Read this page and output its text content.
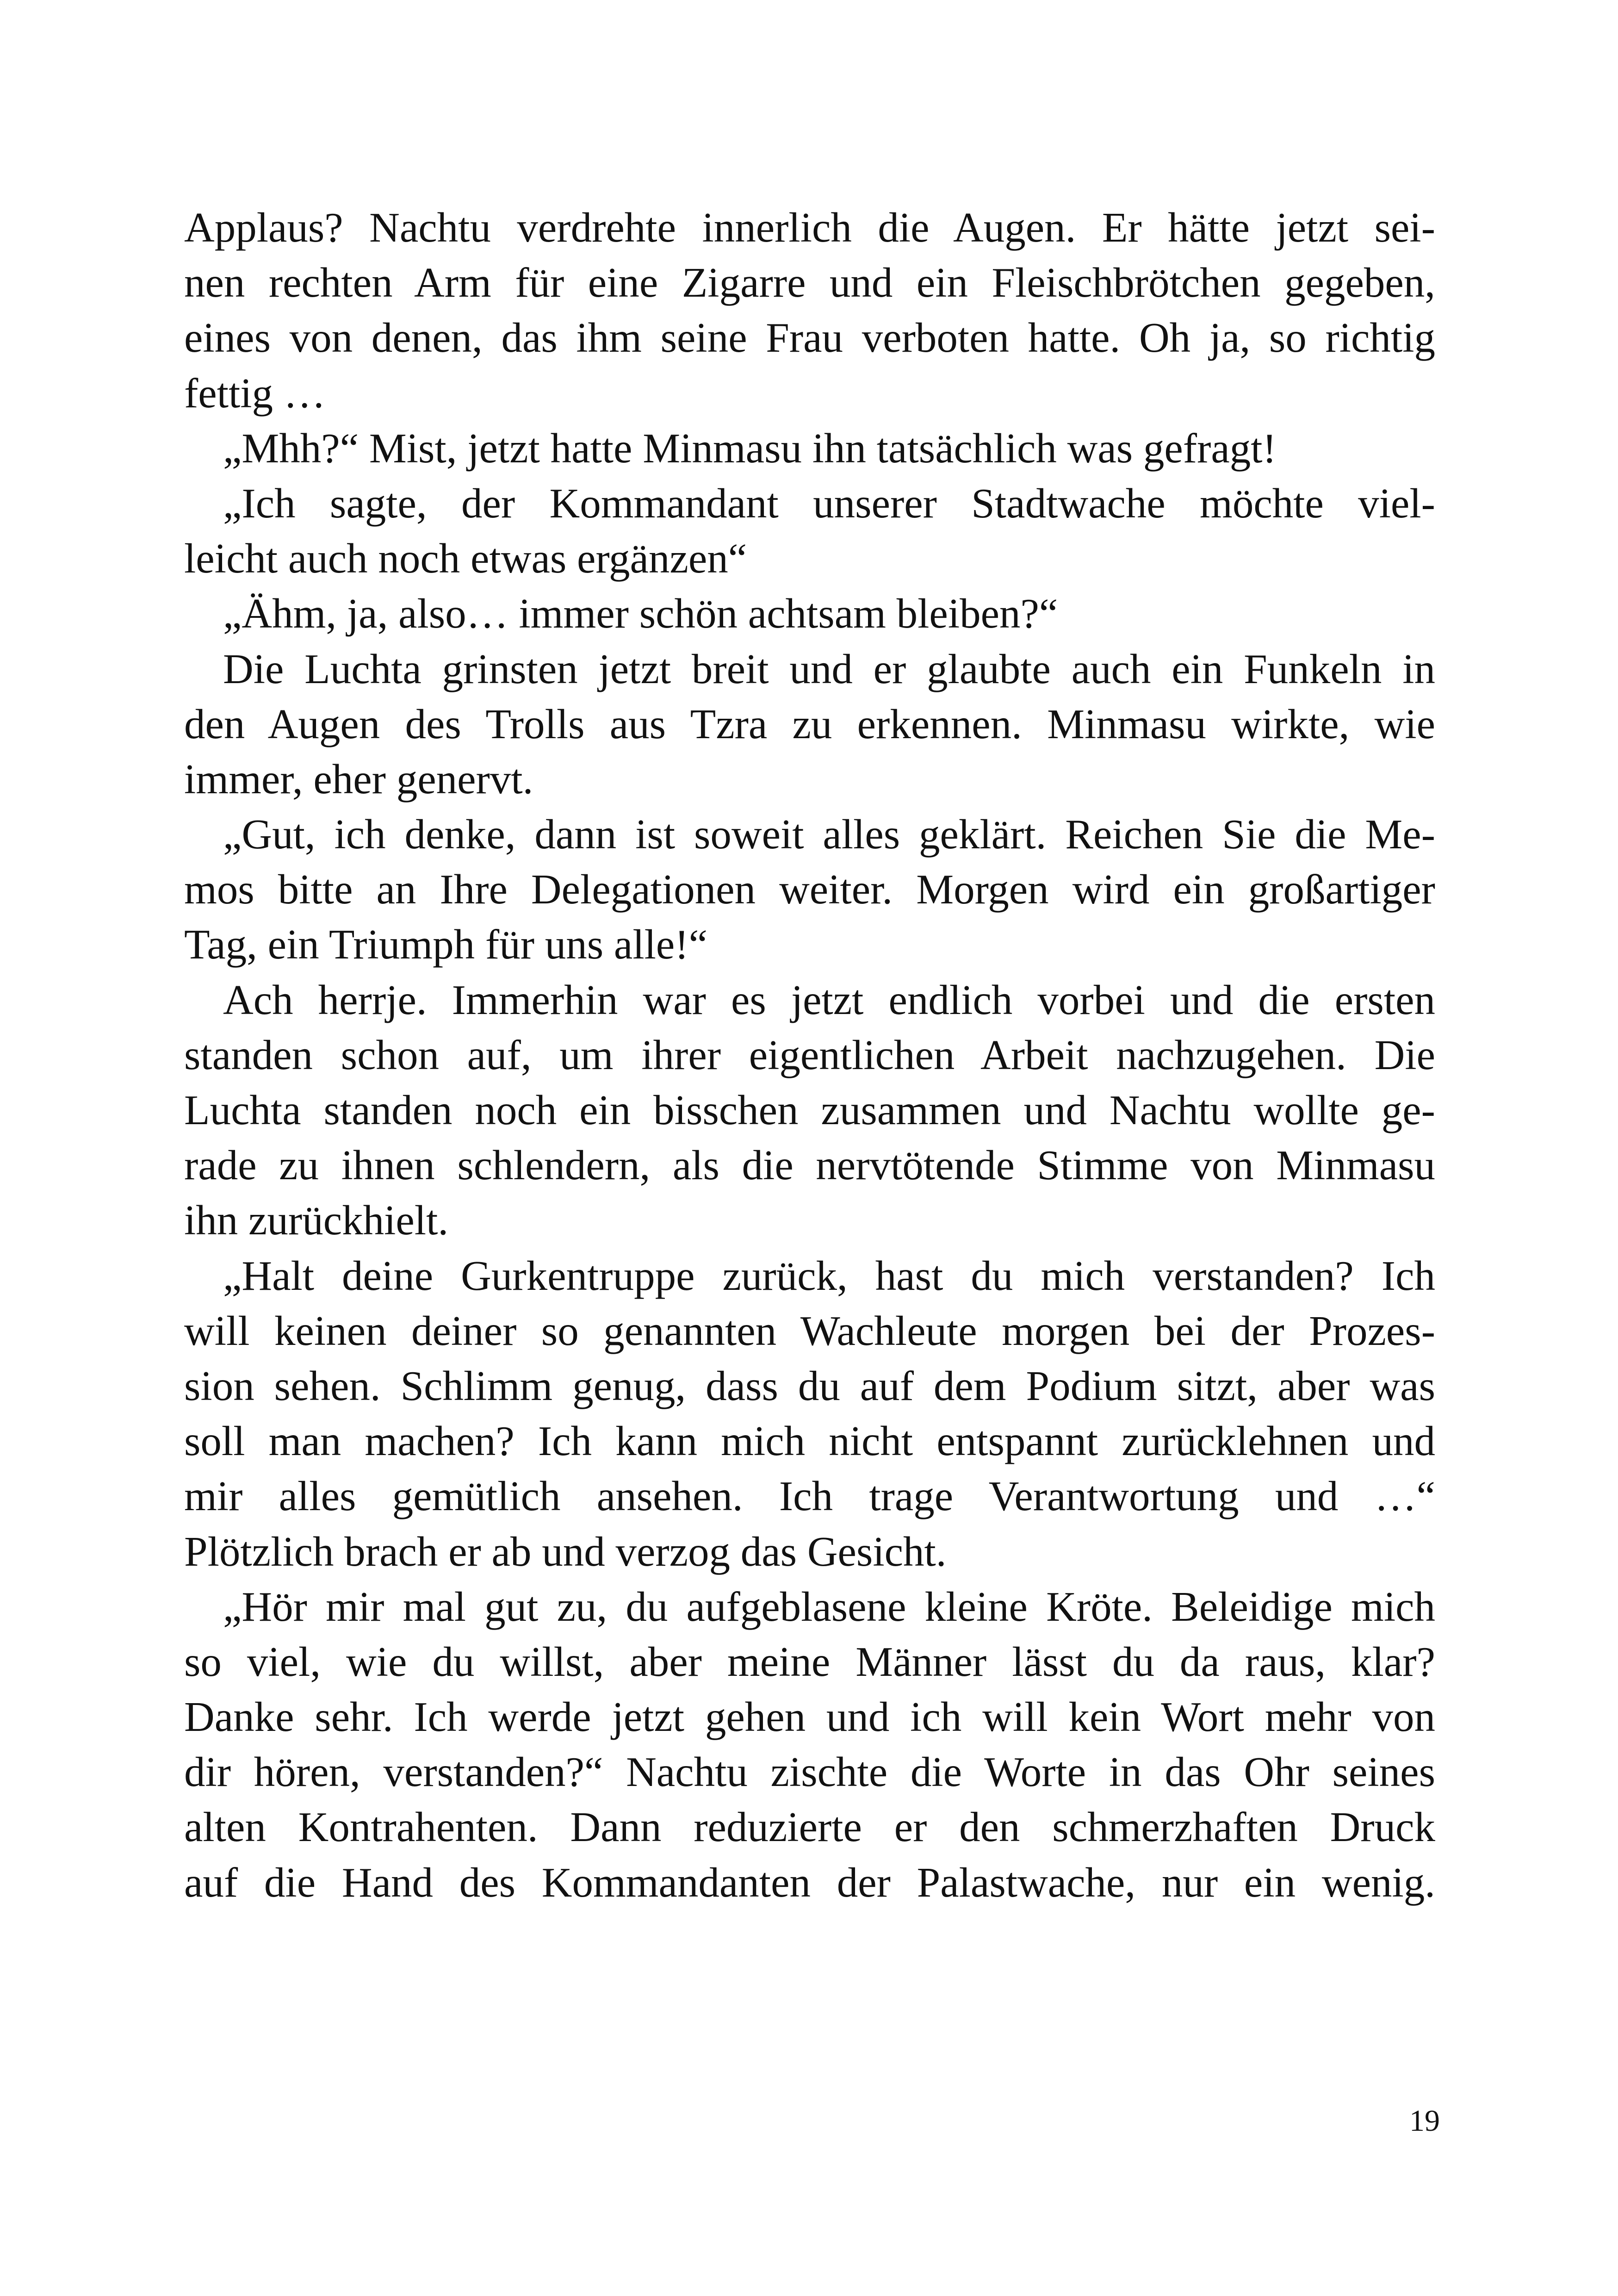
Applaus? Nachtu verdrehte innerlich die Augen. Er hätte jetzt sei-
nen rechten Arm für eine Zigarre und ein Fleischbrötchen gegeben,
eines von denen, das ihm seine Frau verboten hatte. Oh ja, so richtig
fettig …
„Mhh?“ Mist, jetzt hatte Minmasu ihn tatsächlich was gefragt!
„Ich sagte, der Kommandant unserer Stadtwache möchte viel-
leicht auch noch etwas ergänzen“
„Ähm, ja, also… immer schön achtsam bleiben?“
Die Luchta grinsten jetzt breit und er glaubte auch ein Funkeln in
den Augen des Trolls aus Tzra zu erkennen. Minmasu wirkte, wie
immer, eher genervt.
„Gut, ich denke, dann ist soweit alles geklärt. Reichen Sie die Me-
mos bitte an Ihre Delegationen weiter. Morgen wird ein großartiger
Tag, ein Triumph für uns alle!“
Ach herrje. Immerhin war es jetzt endlich vorbei und die ersten
standen schon auf, um ihrer eigentlichen Arbeit nachzugehen. Die
Luchta standen noch ein bisschen zusammen und Nachtu wollte ge-
rade zu ihnen schlendern, als die nervtötende Stimme von Minmasu
ihn zurückhielt.
„Halt deine Gurkentruppe zurück, hast du mich verstanden? Ich
will keinen deiner so genannten Wachleute morgen bei der Prozes-
sion sehen. Schlimm genug, dass du auf dem Podium sitzt, aber was
soll man machen? Ich kann mich nicht entspannt zurücklehnen und
mir alles gemütlich ansehen. Ich trage Verantwortung und …“
Plötzlich brach er ab und verzog das Gesicht.
„Hör mir mal gut zu, du aufgeblasene kleine Kröte. Beleidige mich
so viel, wie du willst, aber meine Männer lässt du da raus, klar?
Danke sehr. Ich werde jetzt gehen und ich will kein Wort mehr von
dir hören, verstanden?“ Nachtu zischte die Worte in das Ohr seines
alten Kontrahenten. Dann reduzierte er den schmerzhaften Druck
auf die Hand des Kommandanten der Palastwache, nur ein wenig.
19
